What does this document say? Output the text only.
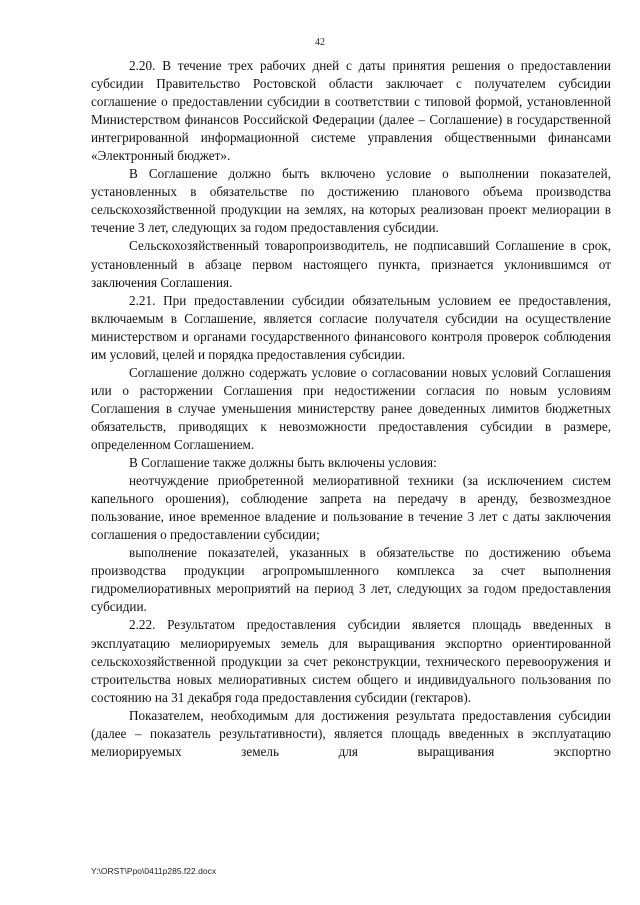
42

2.20. В течение трех рабочих дней с даты принятия решения о предоставлении субсидии Правительство Ростовской области заключает с получателем субсидии соглашение о предоставлении субсидии в соответствии с типовой формой, установленной Министерством финансов Российской Федерации (далее – Соглашение) в государственной интегрированной информационной системе управления общественными финансами «Электронный бюджет».

В Соглашение должно быть включено условие о выполнении показателей, установленных в обязательстве по достижению планового объема производства сельскохозяйственной продукции на землях, на которых реализован проект мелиорации в течение 3 лет, следующих за годом предоставления субсидии.

Сельскохозяйственный товаропроизводитель, не подписавший Соглашение в срок, установленный в абзаце первом настоящего пункта, признается уклонившимся от заключения Соглашения.

2.21. При предоставлении субсидии обязательным условием ее предоставления, включаемым в Соглашение, является согласие получателя субсидии на осуществление министерством и органами государственного финансового контроля проверок соблюдения им условий, целей и порядка предоставления субсидии.

Соглашение должно содержать условие о согласовании новых условий Соглашения или о расторжении Соглашения при недостижении согласия по новым условиям Соглашения в случае уменьшения министерству ранее доведенных лимитов бюджетных обязательств, приводящих к невозможности предоставления субсидии в размере, определенном Соглашением.

В Соглашение также должны быть включены условия:

неотчуждение приобретенной мелиоративной техники (за исключением систем капельного орошения), соблюдение запрета на передачу в аренду, безвозмездное пользование, иное временное владение и пользование в течение 3 лет с даты заключения соглашения о предоставлении субсидии;

выполнение показателей, указанных в обязательстве по достижению объема производства продукции агропромышленного комплекса за счет выполнения гидромелиоративных мероприятий на период 3 лет, следующих за годом предоставления субсидии.

2.22. Результатом предоставления субсидии является площадь введенных в эксплуатацию мелиорируемых земель для выращивания экспортно ориентированной сельскохозяйственной продукции за счет реконструкции, технического перевооружения и строительства новых мелиоративных систем общего и индивидуального пользования по состоянию на 31 декабря года предоставления субсидии (гектаров).

Показателем, необходимым для достижения результата предоставления субсидии (далее – показатель результативности), является площадь введенных в эксплуатацию мелиорируемых земель для выращивания экспортно

Y:\ORST\Ppo\0411p285.f22.docx
